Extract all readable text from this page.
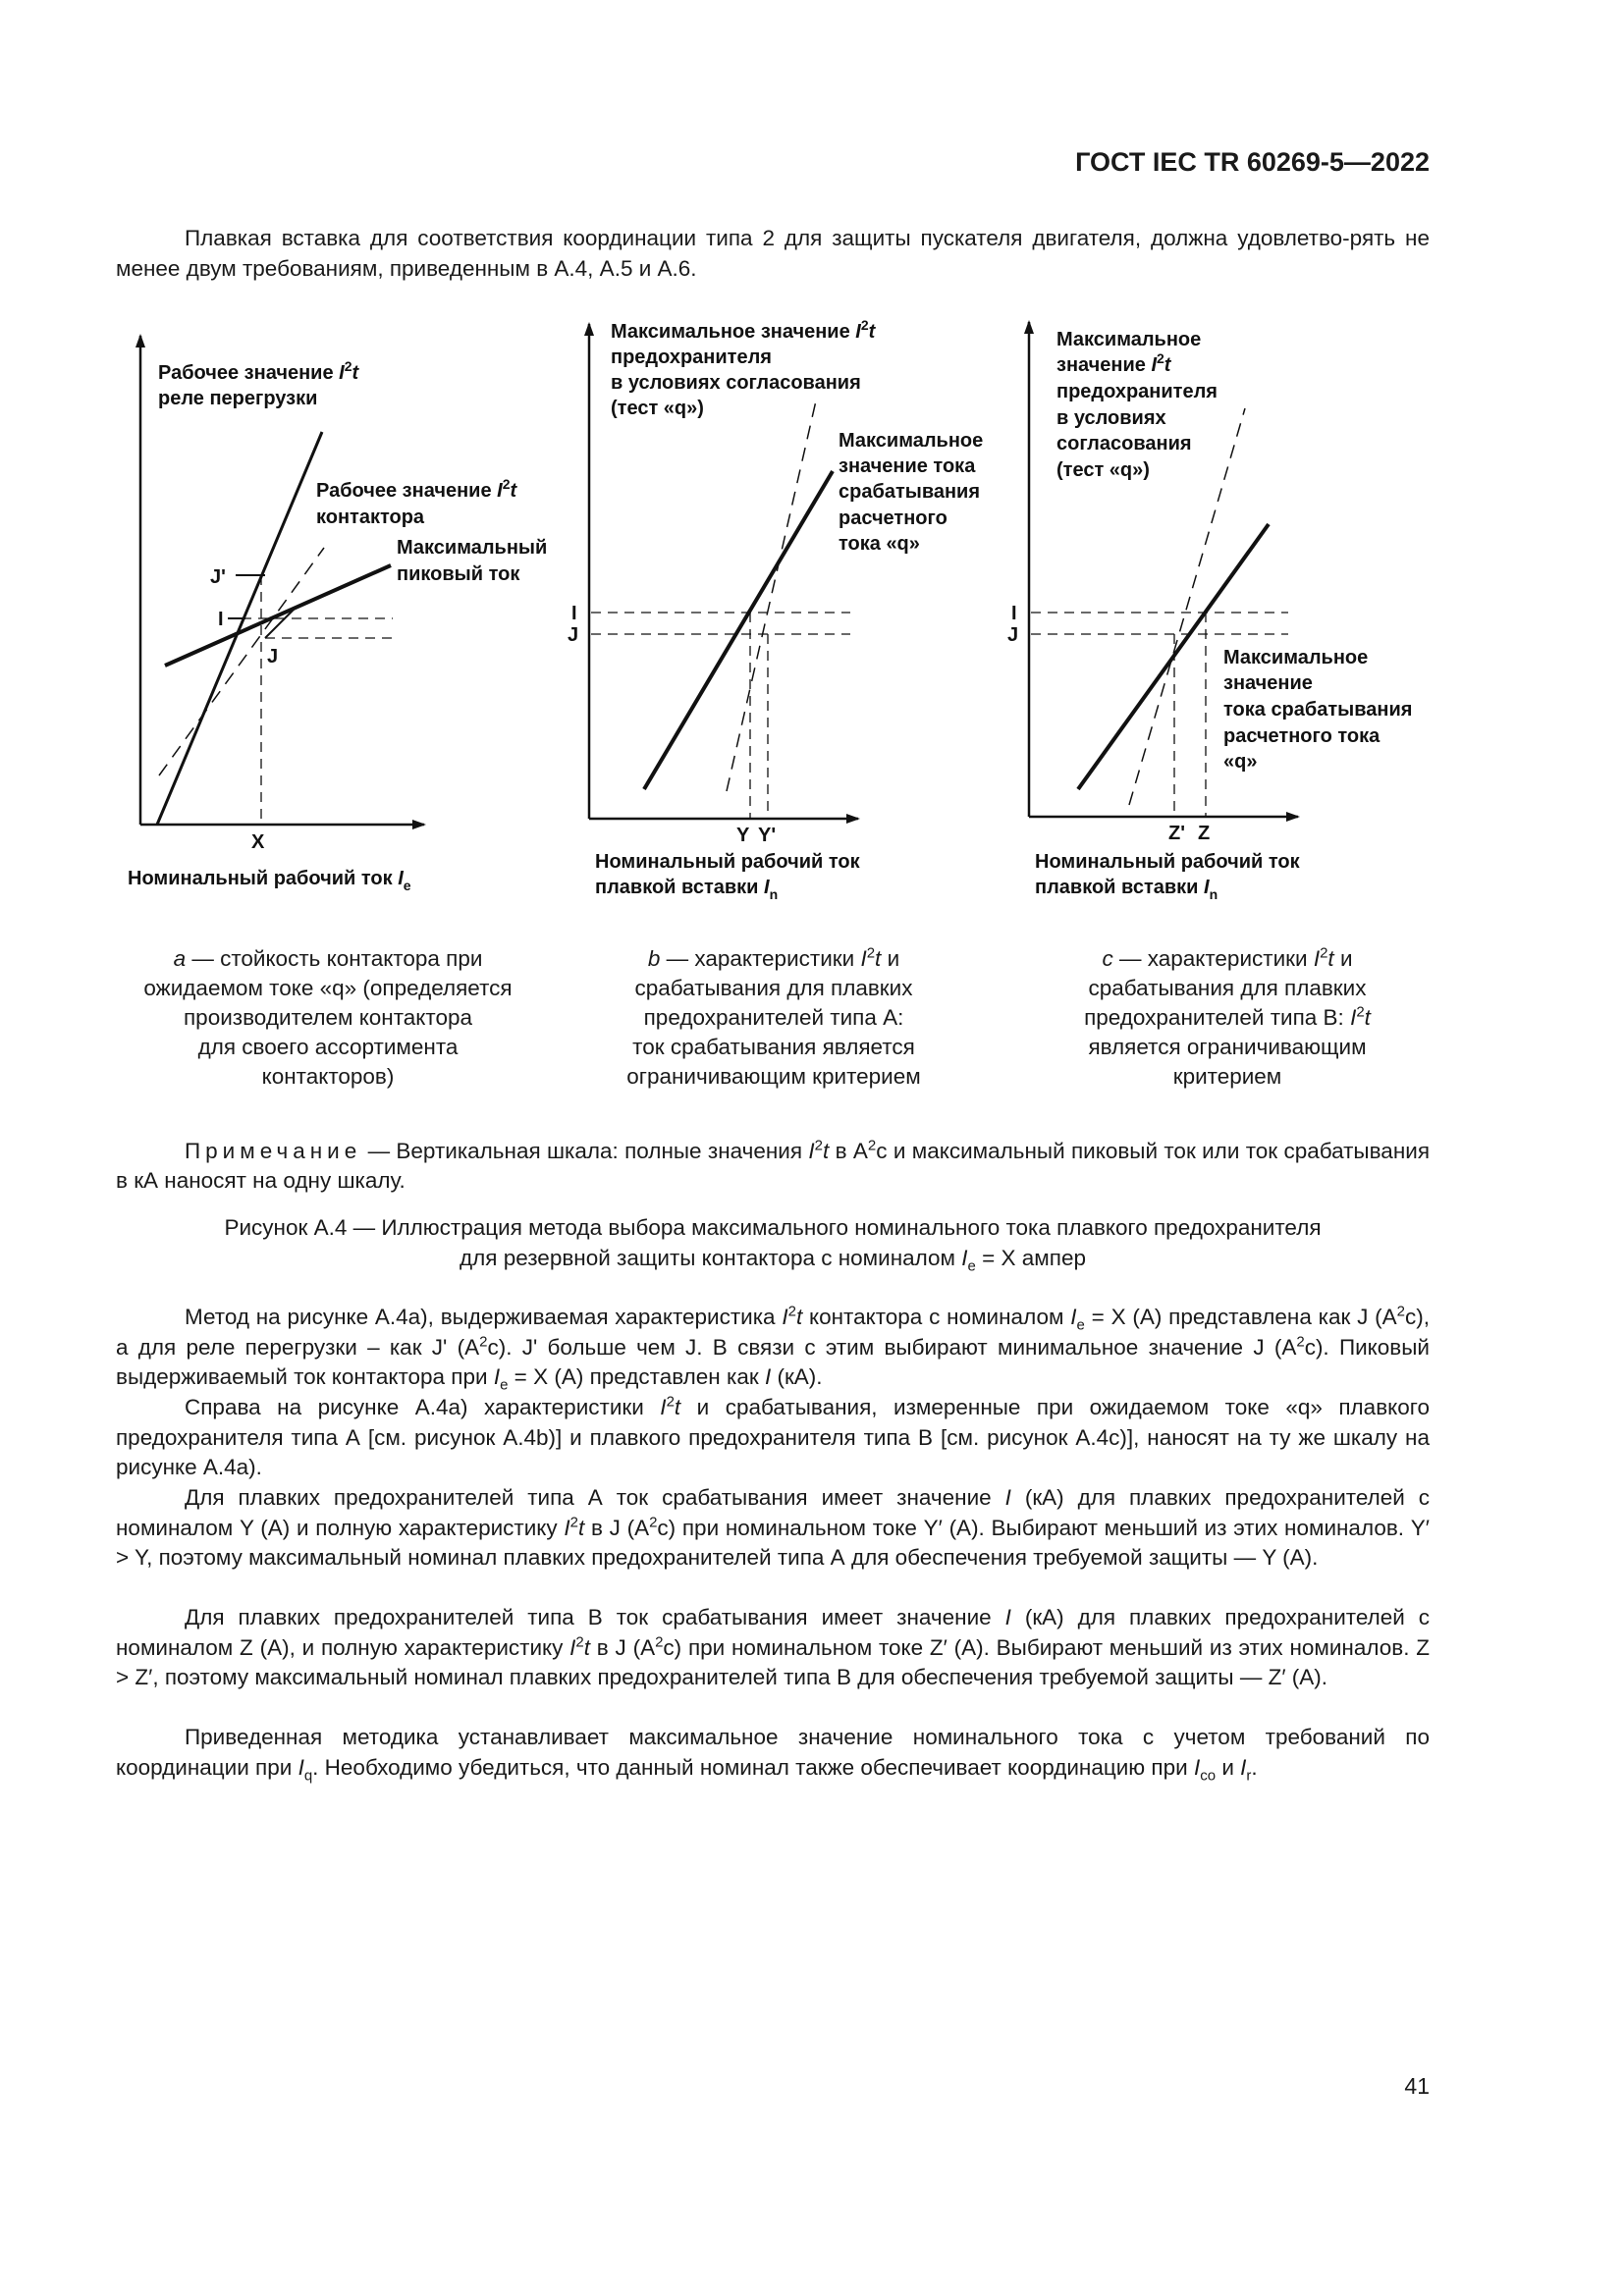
ГОСТ IEC TR 60269-5—2022

Плавкая вставка для соответствия координации типа 2 для защиты пускателя двигателя, должна удовлетво-рять не менее двум требованиям, приведенным в А.4, А.5 и А.6.

Рабочее значение $I^2t$
реле перегрузки
Рабочее значение $I^2t$
контактора
Максимальный
пиковый ток
J'
I
J
X
Номинальный рабочий ток $I_e$
Максимальное значение $I^2t$
предохранителя
в условиях согласования
(тест «q»)
Максимальное
значение тока
срабатывания
расчетного
тока «q»
I
J
Y Y'
Номинальный рабочий ток
плавкой вставки $I_n$
Максимальное
значение $I^2t$
предохранителя
в условиях
согласования
(тест «q»)
Максимальное
значение
тока срабатывания
расчетного тока
«q»
I
J
Z' Z
Номинальный рабочий ток
плавкой вставки $I_n$
a — стойкость контактора при
ожидаемом токе «q» (определяется
производителем контактора
для своего ассортимента
контакторов)
b — характеристики $I^2t$ и
срабатывания для плавких
предохранителей типа А:
ток срабатывания является
ограничивающим критерием
c — характеристики $I^2t$ и
срабатывания для плавких
предохранителей типа В: $I^2t$
является ограничивающим
критерием

Примечание — Вертикальная шкала: полные значения $I^2t$ в $А^2с$ и максимальный пиковый ток или ток срабатывания в кА наносят на одну шкалу.

Рисунок А.4 — Иллюстрация метода выбора максимального номинального тока плавкого предохранителя
для резервной защиты контактора с номиналом $I_e = X$ ампер

Метод на рисунке А.4а), выдерживаемая характеристика $I^2t$ контактора с номиналом $I_e = X$ (A) представлена как J $(A^2с)$, а для реле перегрузки – как J' $(A^2с)$. J' больше чем J. В связи с этим выбирают минимальное значение J $(A^2с)$. Пиковый выдерживаемый ток контактора при $I_e = X$ (A) представлен как I (кА).

Справа на рисунке А.4а) характеристики $I^2t$ и срабатывания, измеренные при ожидаемом токе «q» плавкого предохранителя типа А [см. рисунок А.4b)] и плавкого предохранителя типа В [см. рисунок А.4с)], наносят на ту же шкалу на рисунке А.4а).

Для плавких предохранителей типа А ток срабатывания имеет значение I (кА) для плавких предохранителей с номиналом Y (A) и полную характеристику $I^2t$ в J $(A^2c)$ при номинальном токе Y′ (A). Выбирают меньший из этих номиналов. Y′ > Y, поэтому максимальный номинал плавких предохранителей типа А для обеспечения требуемой защиты — Y (A).

Для плавких предохранителей типа В ток срабатывания имеет значение I (кА) для плавких предохранителей с номиналом Z (A), и полную характеристику $I^2t$ в J $(A^2c)$ при номинальном токе Z′ (A). Выбирают меньший из этих номиналов. Z > Z′, поэтому максимальный номинал плавких предохранителей типа В для обеспечения требуемой защиты — Z′ (A).

Приведенная методика устанавливает максимальное значение номинального тока с учетом требований по координации при $I_q$. Необходимо убедиться, что данный номинал также обеспечивает координацию при $I_{co}$ и $I_r$.

41
